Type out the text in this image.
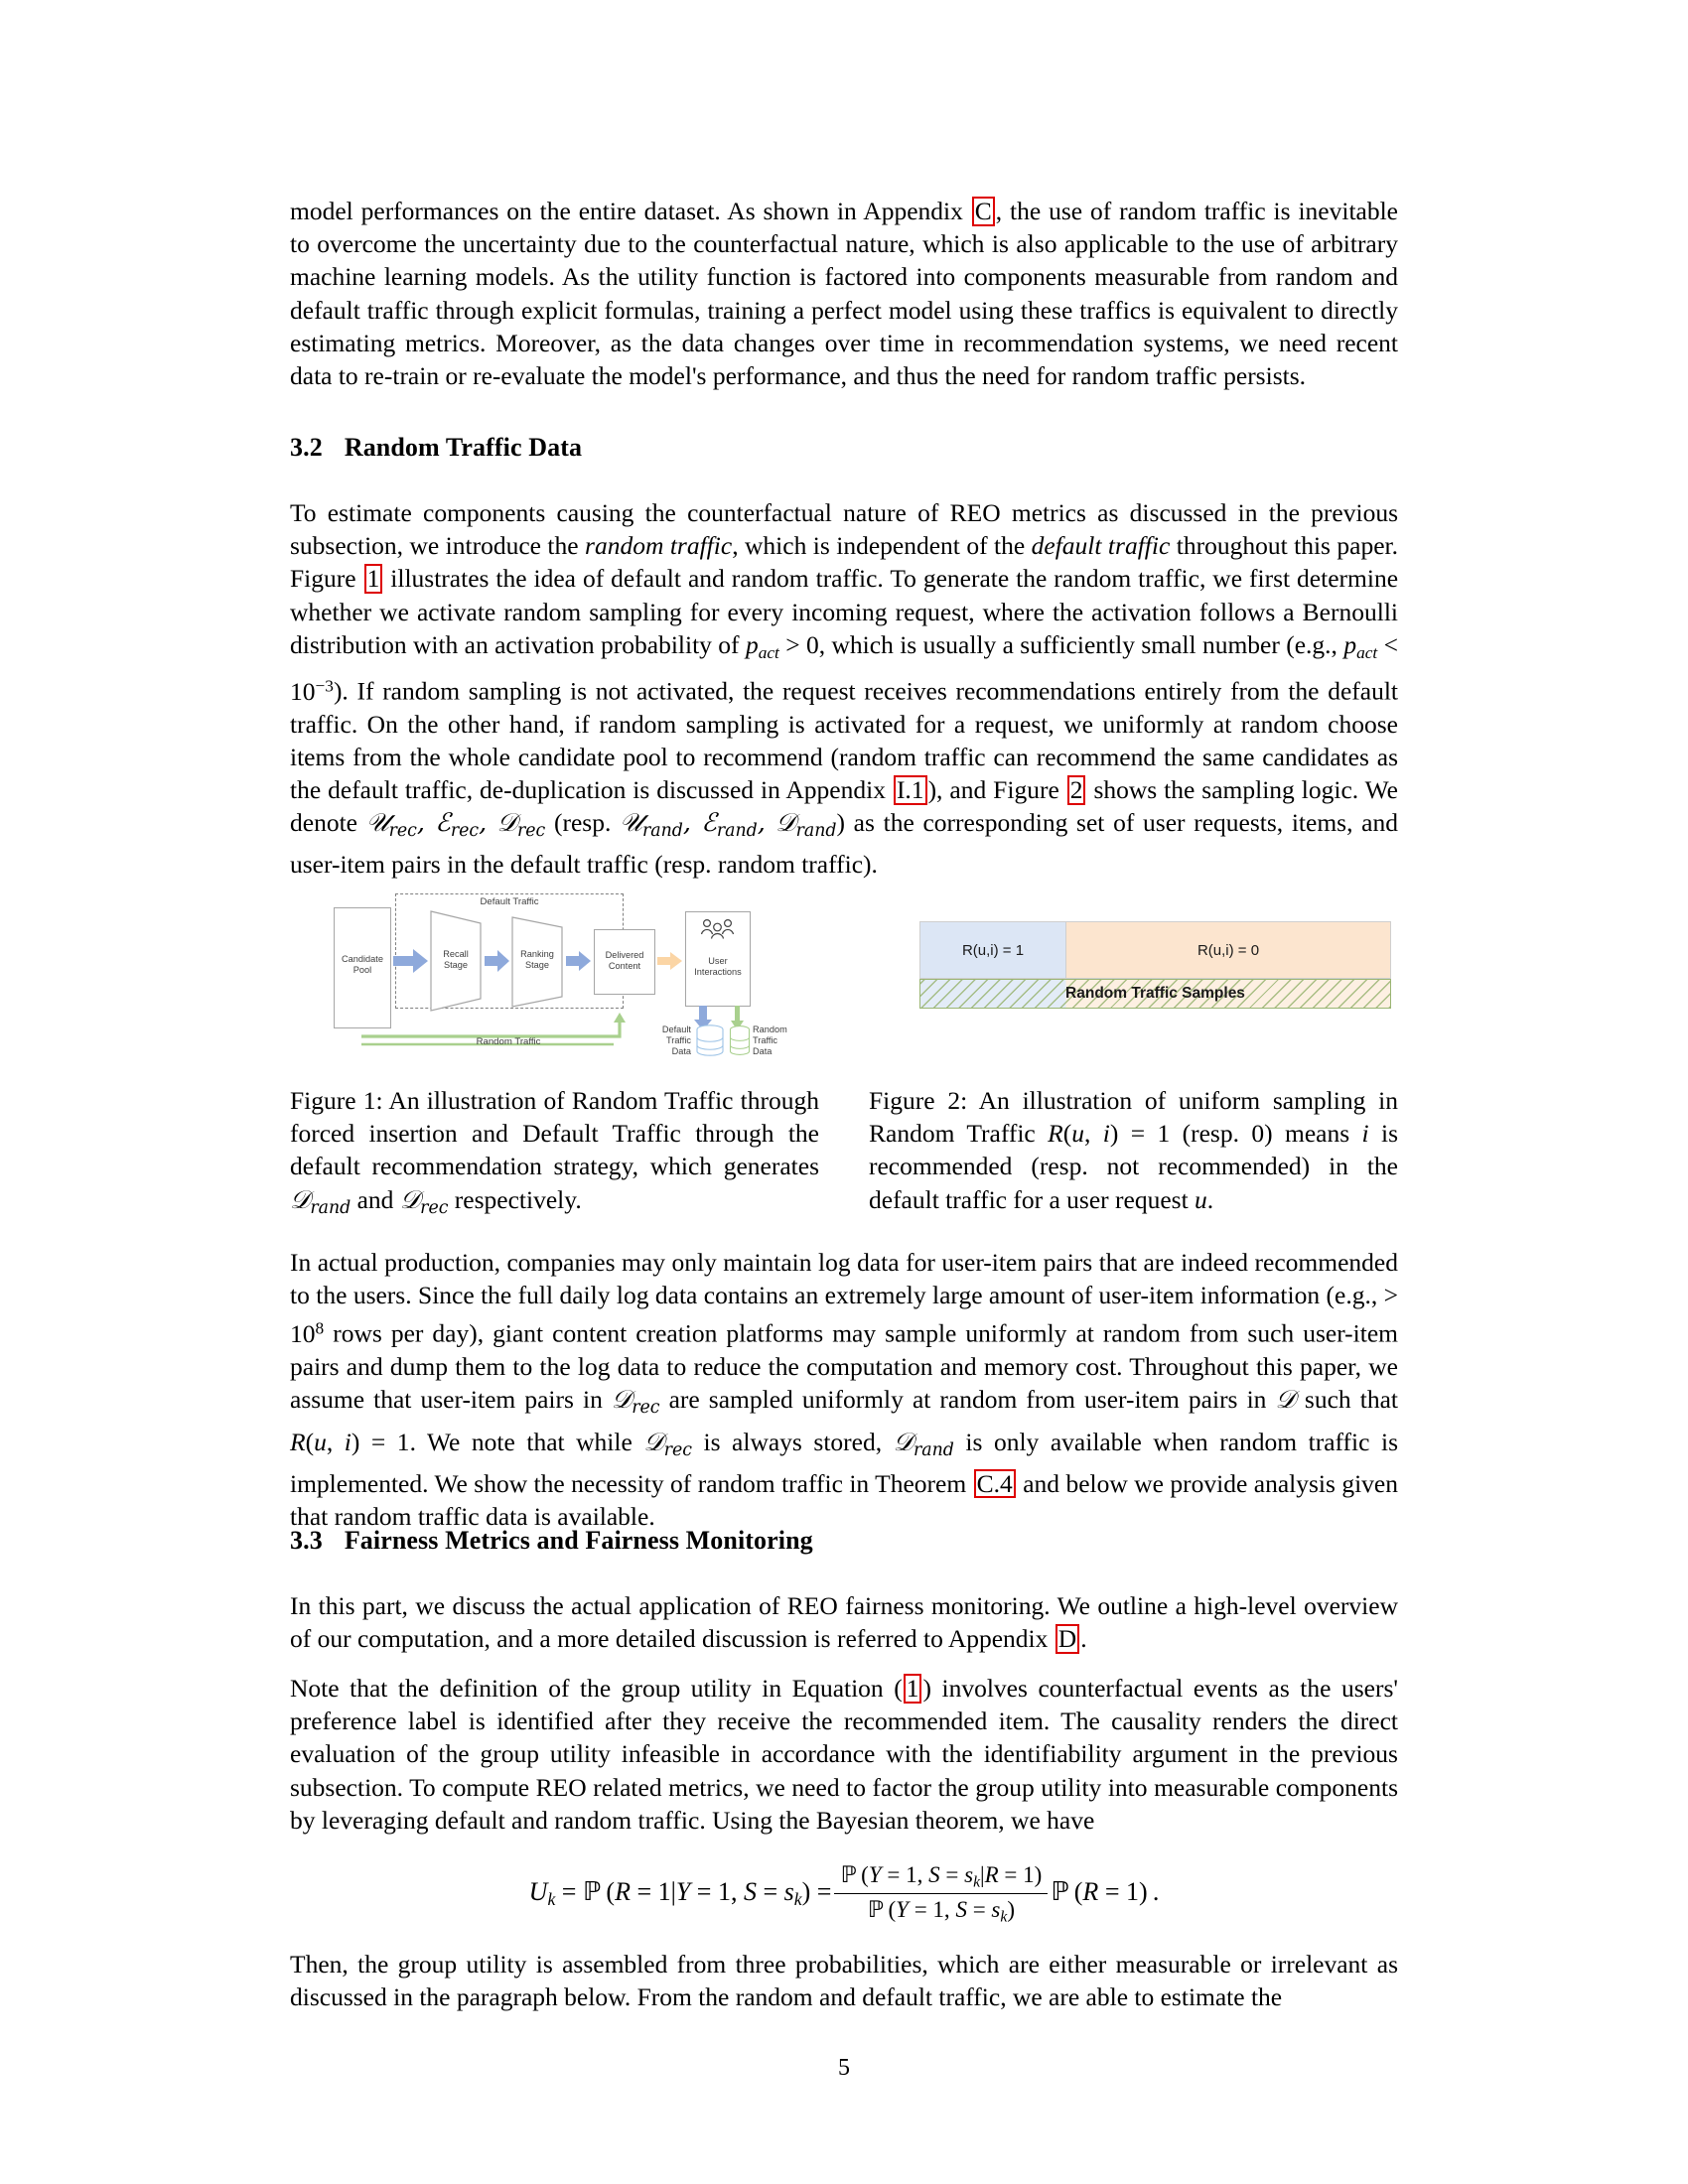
model performances on the entire dataset. As shown in Appendix C , the use of random traffic is inevitable to overcome the uncertainty due to the counterfactual nature, which is also applicable to the use of arbitrary machine learning models. As the utility function is factored into components measurable from random and default traffic through explicit formulas, training a perfect model using these traffics is equivalent to directly estimating metrics. Moreover, as the data changes over time in recommendation systems, we need recent data to re-train or re-evaluate the model's performance, and thus the need for random traffic persists.

3.2 Random Traffic Data

To estimate components causing the counterfactual nature of REO metrics as discussed in the previous subsection, we introduce the random traffic, which is independent of the default traffic throughout this paper. Figure 1 illustrates the idea of default and random traffic. To generate the random traffic, we first determine whether we activate random sampling for every incoming request, where the activation follows a Bernoulli distribution with an activation probability of $p_{act} > 0$, which is usually a sufficiently small number (e.g., $p_{act} < 10^{-3}$). If random sampling is not activated, the request receives recommendations entirely from the default traffic. On the other hand, if random sampling is activated for a request, we uniformly at random choose items from the whole candidate pool to recommend (random traffic can recommend the same candidates as the default traffic, de-duplication is discussed in Appendix I.1 ), and Figure 2 shows the sampling logic. We denote 𝒰$_{rec}$, ℰ$_{rec}$, 𝒟$_{rec}$ (resp. 𝒰$_{rand}$, ℰ$_{rand}$, 𝒟$_{rand}$) as the corresponding set of user requests, items, and user-item pairs in the default traffic (resp. random traffic).

Default Traffic
Candidate
Pool
Recall
Stage
Ranking
Stage
Delivered
Content	User
Interactions
Default
Traffic
Data
Random
Traffic
Data
Random Traffic
R(u,i) = 1	R(u,i) = 0
Random Traffic Samples
Figure 1: An illustration of Random Traffic through forced insertion and Default Traffic through the default recommendation strategy, which generates 𝒟$_{rand}$ and 𝒟$_{rec}$ respectively.
Figure 2: An illustration of uniform sampling in Random Traffic R(u, i) = 1 (resp. 0) means i is recommended (resp. not recommended) in the default traffic for a user request u.

In actual production, companies may only maintain log data for user-item pairs that are indeed recommended to the users. Since the full daily log data contains an extremely large amount of user-item information (e.g., > $10^8$ rows per day), giant content creation platforms may sample uniformly at random from such user-item pairs and dump them to the log data to reduce the computation and memory cost. Throughout this paper, we assume that user-item pairs in 𝒟$_{rec}$ are sampled uniformly at random from user-item pairs in 𝒟 such that R(u, i) = 1. We note that while 𝒟$_{rec}$ is always stored, 𝒟$_{rand}$ is only available when random traffic is implemented. We show the necessity of random traffic in Theorem C.4 and below we provide analysis given that random traffic data is available.

3.3 Fairness Metrics and Fairness Monitoring

In this part, we discuss the actual application of REO fairness monitoring. We outline a high-level overview of our computation, and a more detailed discussion is referred to Appendix D .

Note that the definition of the group utility in Equation ( 1 ) involves counterfactual events as the users' preference label is identified after they receive the recommended item. The causality renders the direct evaluation of the group utility infeasible in accordance with the identifiability argument in the previous subsection. To compute REO related metrics, we need to factor the group utility into measurable components by leveraging default and random traffic. Using the Bayesian theorem, we have

$U_k$ = ℙ (R = 1|Y = 1, $S = s_k) = \frac{ℙ (Y = 1, S = s_k|R = 1)}{ℙ (Y = 1, S = s_k)}$ ℙ (R = 1) .

Then, the group utility is assembled from three probabilities, which are either measurable or irrelevant as discussed in the paragraph below. From the random and default traffic, we are able to estimate the

5
